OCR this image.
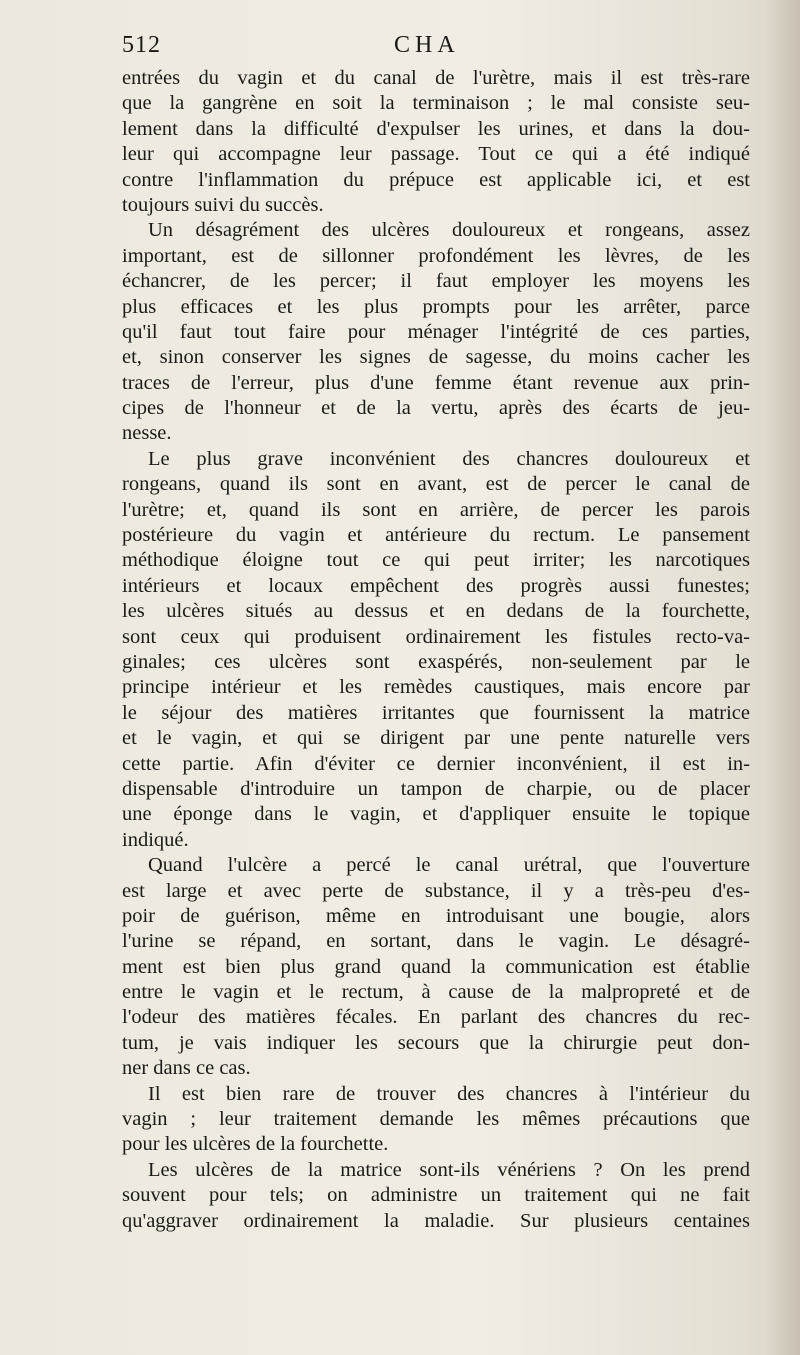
512	CHA
entrées du vagin et du canal de l'urètre, mais il est très-rare
que la gangrène en soit la terminaison ; le mal consiste seu-
lement dans la difficulté d'expulser les urines, et dans la dou-
leur qui accompagne leur passage. Tout ce qui a été indiqué
contre l'inflammation du prépuce est applicable ici, et est
toujours suivi du succès.
Un désagrément des ulcères douloureux et rongeans, assez
important, est de sillonner profondément les lèvres, de les
échancrer, de les percer; il faut employer les moyens les
plus efficaces et les plus prompts pour les arrêter, parce
qu'il faut tout faire pour ménager l'intégrité de ces parties,
et, sinon conserver les signes de sagesse, du moins cacher les
traces de l'erreur, plus d'une femme étant revenue aux prin-
cipes de l'honneur et de la vertu, après des écarts de jeu-
nesse.
Le plus grave inconvénient des chancres douloureux et
rongeans, quand ils sont en avant, est de percer le canal de
l'urètre; et, quand ils sont en arrière, de percer les parois
postérieure du vagin et antérieure du rectum. Le pansement
méthodique éloigne tout ce qui peut irriter; les narcotiques
intérieurs et locaux empêchent des progrès aussi funestes;
les ulcères situés au dessus et en dedans de la fourchette,
sont ceux qui produisent ordinairement les fistules recto-va-
ginales; ces ulcères sont exaspérés, non-seulement par le
principe intérieur et les remèdes caustiques, mais encore par
le séjour des matières irritantes que fournissent la matrice
et le vagin, et qui se dirigent par une pente naturelle vers
cette partie. Afin d'éviter ce dernier inconvénient, il est in-
dispensable d'introduire un tampon de charpie, ou de placer
une éponge dans le vagin, et d'appliquer ensuite le topique
indiqué.
Quand l'ulcère a percé le canal urétral, que l'ouverture
est large et avec perte de substance, il y a très-peu d'es-
poir de guérison, même en introduisant une bougie, alors
l'urine se répand, en sortant, dans le vagin. Le désagré-
ment est bien plus grand quand la communication est établie
entre le vagin et le rectum, à cause de la malpropreté et de
l'odeur des matières fécales. En parlant des chancres du rec-
tum, je vais indiquer les secours que la chirurgie peut don-
ner dans ce cas.
Il est bien rare de trouver des chancres à l'intérieur du
vagin ; leur traitement demande les mêmes précautions que
pour les ulcères de la fourchette.
Les ulcères de la matrice sont-ils vénériens ? On les prend
souvent pour tels; on administre un traitement qui ne fait
qu'aggraver ordinairement la maladie. Sur plusieurs centaines
